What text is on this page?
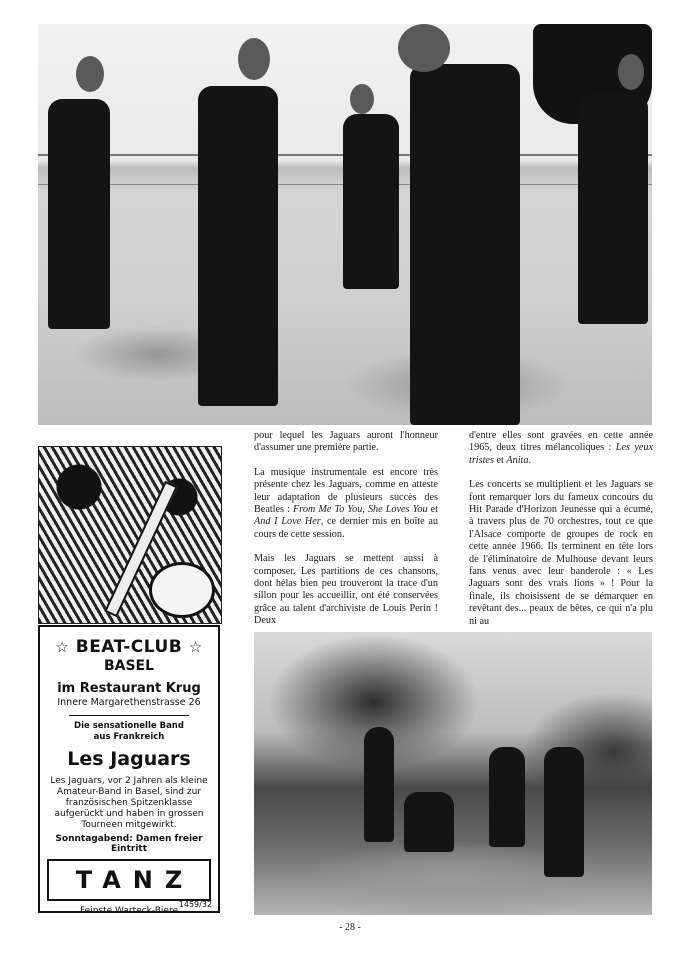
pour lequel les Jaguars auront l'honneur d'assumer une première partie.

La musique instrumentale est encore très présente chez les Jaguars, comme en atteste leur adaptation de plusieurs succès des Beatles : From Me To You, She Loves You et And I Love Her, ce dernier mis en boîte au cours de cette session.

Mais les Jaguars se mettent aussi à composer. Les partitions de ces chansons, dont hélas bien peu trouveront la trace d'un sillon pour les accueillir, ont été conservées grâce au talent d'archiviste de Louis Perin ! Deux

d'entre elles sont gravées en cette année 1965, deux titres mélancoliques : Les yeux tristes et Anita.

Les concerts se multiplient et les Jaguars se font remarquer lors du fameux concours du Hit Parade d'Horizon Jeunesse qui a écumé, à travers plus de 70 orchestres, tout ce que l'Alsace comporte de groupes de rock en cette année 1966. Ils terminent en tête lors de l'éliminatoire de Mulhouse devant leurs fans venus avec leur banderole : « Les Jaguars sont des vrais lions » ! Pour la finale, ils choisissent de se démarquer en revêtant des... peaux de bêtes, ce qui n'a plu ni au

☆ BEAT-CLUB ☆
BASEL
im Restaurant Krug
Innere Margarethenstrasse 26
Die sensationelle Band
aus Frankreich
Les Jaguars
Les Jaguars, vor 2 Jahren als kleine Amateur-Band in Basel, sind zur französischen Spitzenklasse aufgerückt und haben in grossen Tourneen mitgewirkt.
Sonntagabend: Damen freier Eintritt
TANZ
Feinste Warteck-Biere
1459/32
- 28 -
